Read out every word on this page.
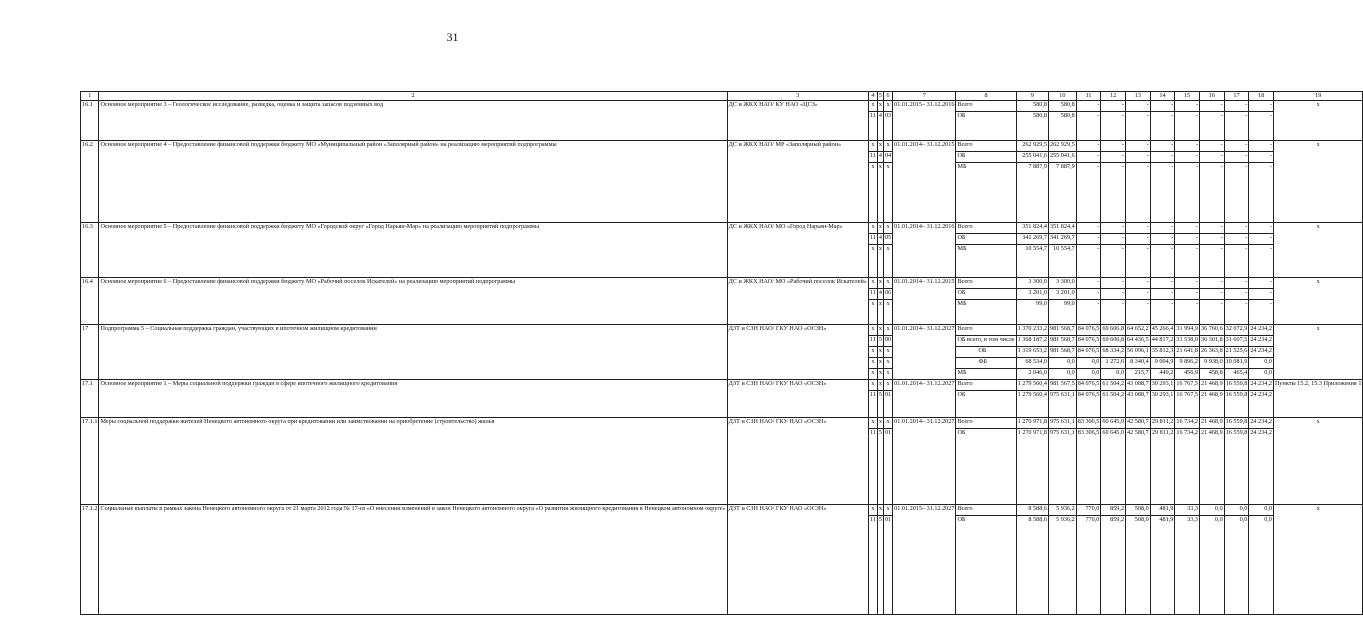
31
1	2	3	4	5	6	7	8	9	10	11	12	13	14	15	16	17	18	19
16.1	Основное мероприятие 3 – Геологическое исследование, разведка, оценка и защита запасов подземных вод	ДС и ЖКХ НАО/ КУ НАО «ЦСЗ»	х	х	х	01.01.2015– 31.12.2016	Всего	580,8	580,8	-	-	-	-	-	-	-	-	х
			11	4	03		ОБ	580,8	580,8	-	-	-	-	-	-	-	-	
16.2	Основное мероприятие 4 – Предоставление финансовой поддержки бюджету МО «Муниципальный район «Заполярный район» на реализацию мероприятий подпрограммы	ДС и ЖКХ НАО/ МР «Заполярный район»	х	х	х	01.01.2014– 31.12.2015	Всего	262 929,5	262 929,5	-	-	-	-	-	-	-	-	х
			11	4	04		ОБ	255 041,6	255 041,6	-	-	-	-	-	-	-	-	
			х	х	х		МБ	7 887,9	7 887,9	-	-	-	-	-	-	-	-	
16.3	Основное мероприятие 5 – Предоставление финансовой поддержки бюджету МО «Городской округ «Город Нарьян-Мар» на реализацию мероприятий подпрограммы	ДС и ЖКХ НАО/ МО «Город Нарьян-Мар»	х	х	х	01.01.2014– 31.12.2016	Всего	351 824,4	351 824,4	-	-	-	-	-	-	-	-	х
			11	4	05		ОБ	341 269,7	341 269,7	-	-	-	-	-	-	-	-	
			х	х	х		МБ	10 554,7	10 554,7	-	-	-	-	-	-	-	-	
16.4	Основное мероприятие 6 – Предоставление финансовой поддержки бюджету МО «Рабочий поселок Искателей» на реализацию мероприятий подпрограммы	ДС и ЖКХ НАО/ МО «Рабочий поселок Искателей»	х	х	х	01.01.2014– 31.12.2015	Всего	3 300,0	3 300,0	-	-	-	-	-	-	-	-	х
			11	4	06		ОБ	3 201,0	3 201,0	-	-	-	-	-	-	-	-	
			х	х	х		МБ	99,0	99,0	-	-	-	-	-	-	-	-	
17	Подпрограмма 5 – Социальная поддержка граждан, участвующих в ипотечном жилищном кредитовании	ДЗТ и СЗН НАО/ ГКУ НАО «ОСЗН»	х	х	х	01.01.2014– 31.12.2027	Всего	1 370 233,2	981 568,7	84 076,5	69 606,8	64 652,2	45 266,4	31 994,9	36 760,6	32 072,9	24 234,2	х
			11	5	00		ОБ всего, в том числе	1 368 187,2	981 568,7	84 076,5	69 606,8	64 436,5	44 817,2	31 538,0	36 301,8	31 607,5	24 234,2	
			х	х	х		ОБ	1 319 653,2	981 568,7	84 076,5	68 334,2	56 096,1	35 812,3	21 641,8	26 363,8	21 525,6	24 234,2	
			х	х	х		ФБ	68 534,0	0,0	0,0	1 272,6	8 340,4	9 004,9	9 896,2	9 938,0	10 081,9	0,0	
			х	х	х		МБ	2 046,0	0,0	0,0	0,0	215,7	449,2	456,9	458,8	465,4	0,0	
17.1	Основное мероприятие 1 – Меры социальной поддержки граждан в сфере ипотечного жилищного кредитования	ДЗТ и СЗН НАО/ ГКУ НАО «ОСЗН»	х	х	х	01.01.2014– 31.12.2027	Всего	1 279 560,4	981 567,5	84 076,5	61 504,2	43 088,7	30 293,1	16 767,5	21 468,9	16 559,8	24 234,2	Пункты 15.2, 15.3 Приложения 1
			11	5	01		ОБ	1 279 560,4	975 631,1	84 076,5	61 504,2	43 088,7	30 293,1	16 767,5	21 468,9	16 559,8	24 234,2	
17.1.1	Меры социальной поддержки жителей Ненецкого автономного округа при кредитовании или заимствовании на приобретение (строительство) жилья	ДЗТ и СЗН НАО/ ГКУ НАО «ОСЗН»	х	х	х	01.01.2014– 31.12.2027	Всего	1 270 971,8	975 631,1	83 306,5	60 645,0	42 580,7	29 811,2	16 734,2	21 468,9	16 559,8	24 234,2	х
			11	5	01		ОБ	1 270 971,8	975 631,1	83 306,5	60 645,0	42 580,7	29 811,2	16 734,2	21 468,9	16 559,8	24 234,2	
17.1.2	Социальные выплаты в рамках закона Ненецкого автономного округа от 21 марта 2012 года № 17-оз «О внесении изменений в закон Ненецкого автономного округа «О развитии жилищного кредитования в Ненецком автономном округе»	ДЗТ и СЗН НАО/ ГКУ НАО «ОСЗН»	х	х	х	01.01.2015– 31.12.2027	Всего	8 588,6	5 936,2	770,0	859,2	508,0	481,9	33,3	0,0	0,0	0,0	х
			11	5	01		ОБ	8 588,6	5 936,2	770,0	859,2	508,0	481,9	33,3	0,0	0,0	0,0	
